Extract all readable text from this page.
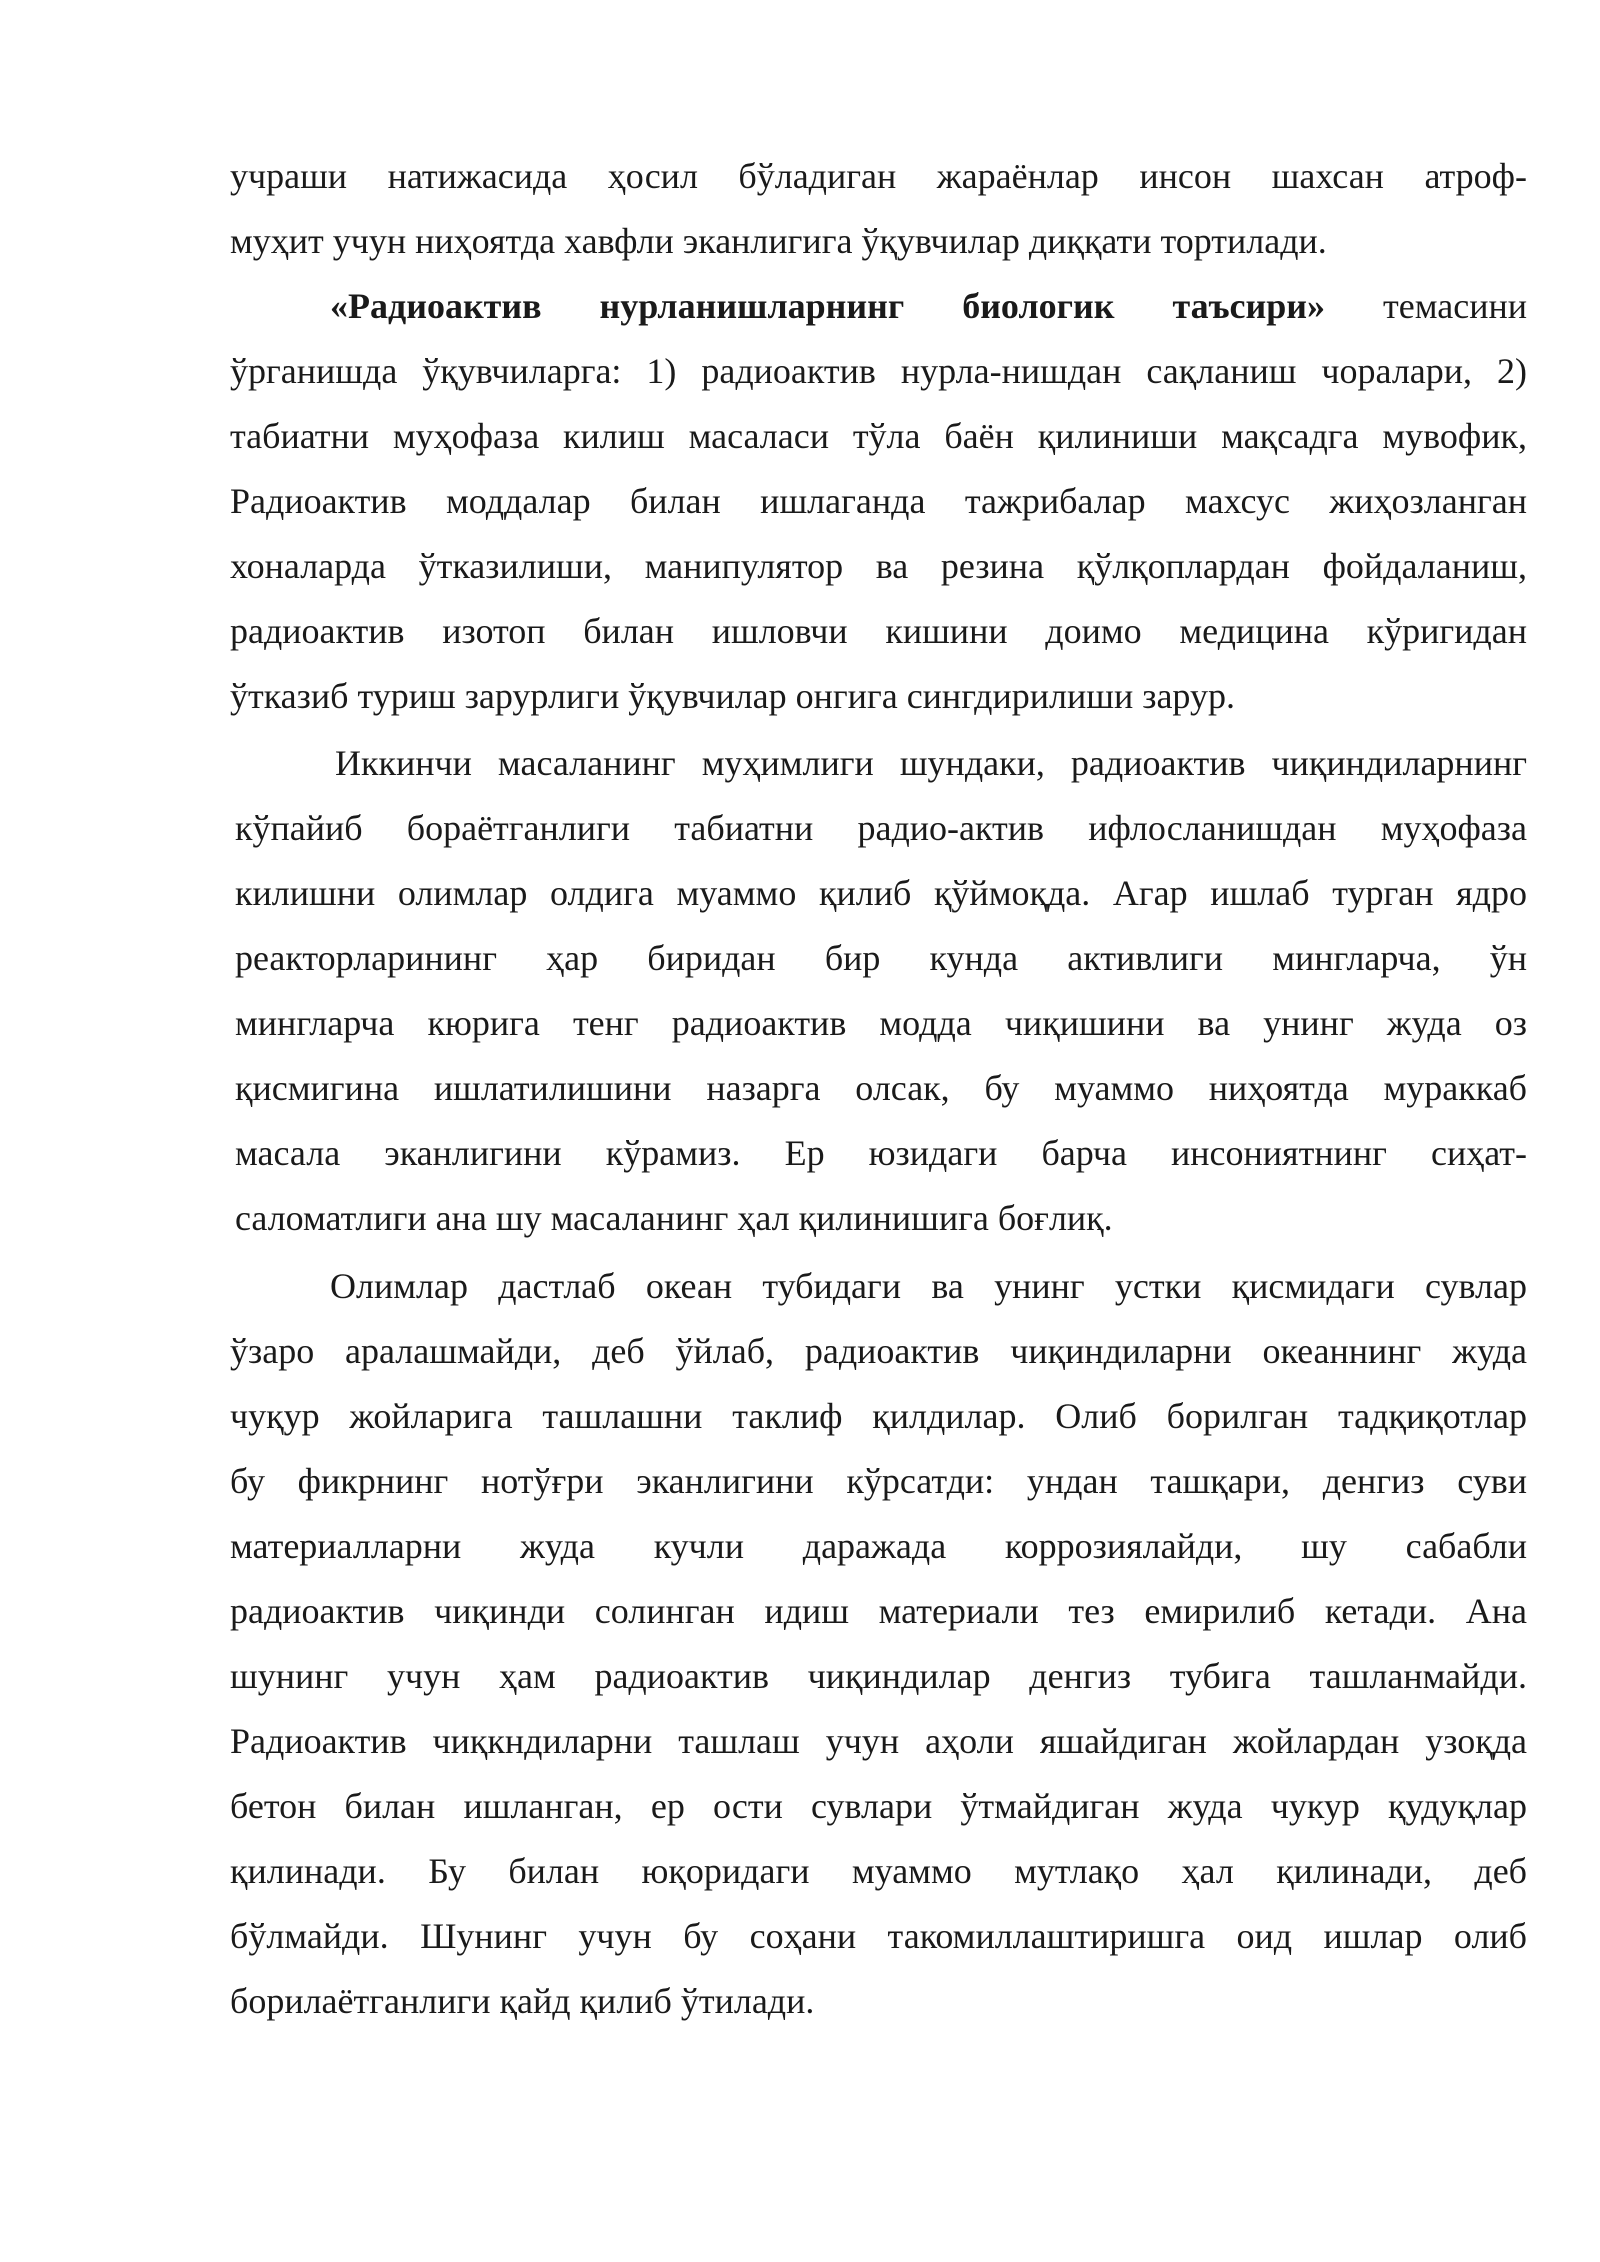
учраши натижасида ҳосил бўладиган жараёнлар инсон шахсан атроф-
муҳит учун ниҳоятда хавфли эканлигига ўқувчилар диққати тортилади.
«Радиоактив нурланишларнинг биологик таъсири» темасини
ўрганишда ўқувчиларга: 1) радиоактив нурла-нишдан сақланиш чоралари, 2)
табиатни муҳофаза килиш масаласи тўла баён қилиниши мақсадга мувофик,
Радиоактив моддалар билан ишлаганда тажрибалар махсус жиҳозланган
хоналарда ўтказилиши, манипулятор ва резина қўлқоплардан фойдаланиш,
радиоактив изотоп билан ишловчи кишини доимо медицина кўригидан
ўтказиб туриш зарурлиги ўқувчилар онгига сингдирилиши зарур.
Иккинчи масаланинг муҳимлиги шундаки, радиоактив чиқиндиларнинг
кўпайиб бораётганлиги табиатни радио-актив ифлосланишдан муҳофаза
килишни олимлар олдига муаммо қилиб қўймоқда. Агар ишлаб турган ядро
реакторларининг ҳар биридан бир кунда активлиги мингларча, ўн
мингларча кюрига тенг радиоактив модда чиқишини ва унинг жуда оз
қисмигина ишлатилишини назарга олсак, бу муаммо ниҳоятда мураккаб
масала эканлигини кўрамиз. Ер юзидаги барча инсониятнинг сиҳат-
саломатлиги ана шу масаланинг ҳал қилинишига боғлиқ.
Олимлар дастлаб океан тубидаги ва унинг устки қисмидаги сувлар
ўзаро аралашмайди, деб ўйлаб, радиоактив чиқиндиларни океаннинг жуда
чуқур жойларига ташлашни таклиф қилдилар. Олиб борилган тадқиқотлар
бу фикрнинг нотўғри эканлигини кўрсатди: ундан ташқари, денгиз суви
материалларни жуда кучли даражада коррозиялайди, шу сабабли
радиоактив чиқинди солинган идиш материали тез емирилиб кетади. Ана
шунинг учун ҳам радиоактив чиқиндилар денгиз тубига ташланмайди.
Радиоактив чиқкндиларни ташлаш учун аҳоли яшайдиган жойлардан узоқда
бетон билан ишланган, ер ости сувлари ўтмайдиган жуда чукур қудуқлар
қилинади. Бу билан юқоридаги муаммо мутлақо ҳал қилинади, деб
бўлмайди. Шунинг учун бу соҳани такомиллаштиришга оид ишлар олиб
борилаётганлиги қайд қилиб ўтилади.
